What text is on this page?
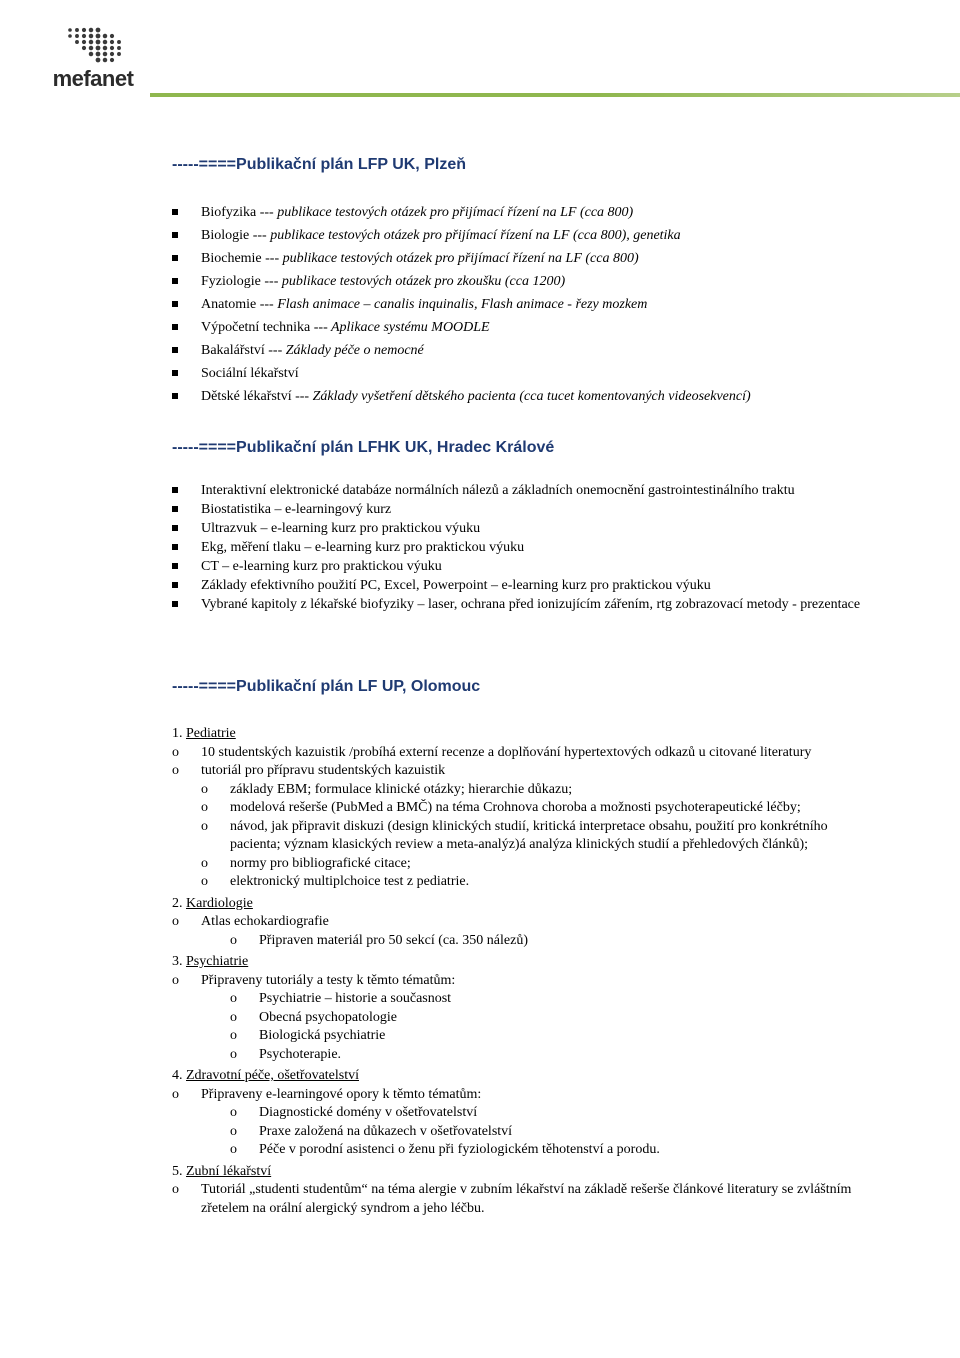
mefanet
-----====Publikační plán LFP UK, Plzeň
Biofyzika --- publikace testových otázek pro přijímací řízení na LF (cca 800)
Biologie --- publikace testových otázek pro přijímací řízení na LF (cca 800), genetika
Biochemie --- publikace testových otázek pro přijímací řízení na LF (cca 800)
Fyziologie --- publikace testových otázek pro zkoušku (cca 1200)
Anatomie --- Flash animace – canalis inquinalis, Flash animace - řezy mozkem
Výpočetní technika --- Aplikace systému MOODLE
Bakalářství --- Základy péče o nemocné
Sociální lékařství
Dětské lékařství --- Základy vyšetření dětského pacienta (cca tucet komentovaných videosekvencí)
-----====Publikační plán LFHK UK, Hradec Králové
Interaktivní elektronické databáze normálních nálezů a základních onemocnění gastrointestinálního traktu
Biostatistika – e-learningový kurz
Ultrazvuk – e-learning kurz pro praktickou výuku
Ekg, měření tlaku – e-learning kurz pro praktickou výuku
CT – e-learning kurz pro praktickou výuku
Základy efektivního použití PC, Excel, Powerpoint – e-learning kurz pro praktickou výuku
Vybrané kapitoly z lékařské biofyziky – laser, ochrana před ionizujícím zářením, rtg zobrazovací metody - prezentace
-----====Publikační plán LF UP, Olomouc
1. Pediatrie
o 10 studentských kazuistik /probíhá externí recenze a doplňování hypertextových odkazů u citované literatury
o tutoriál pro přípravu studentských kazuistik
o základy EBM; formulace klinické otázky; hierarchie důkazu;
o modelová rešerše (PubMed a BMČ) na téma Crohnova choroba a možnosti psychoterapeutické léčby;
o návod, jak připravit diskuzi (design klinických studií, kritická interpretace obsahu, použití pro konkrétního pacienta; význam klasických review a meta-analýz)á analýza klinických studií a přehledových článků);
o normy pro bibliografické citace;
o elektronický multiplchoice test z pediatrie.
2. Kardiologie
o Atlas echokardiografie
o Připraven materiál pro 50 sekcí (ca. 350 nálezů)
3. Psychiatrie
o Připraveny tutoriály a testy k těmto tématům:
o Psychiatrie – historie a současnost
o Obecná psychopatologie
o Biologická psychiatrie
o Psychoterapie.
4. Zdravotní péče, ošetřovatelství
o Připraveny e-learningové opory k těmto tématům:
o Diagnostické domény v ošetřovatelství
o Praxe založená na důkazech v ošetřovatelství
o Péče v porodní asistenci o ženu při fyziologickém těhotenství a porodu.
5. Zubní lékařství
o Tutoriál „studenti studentům“ na téma alergie v zubním lékařství na základě rešerše článkové literatury se zvláštním zřetelem na orální alergický syndrom a jeho léčbu.
